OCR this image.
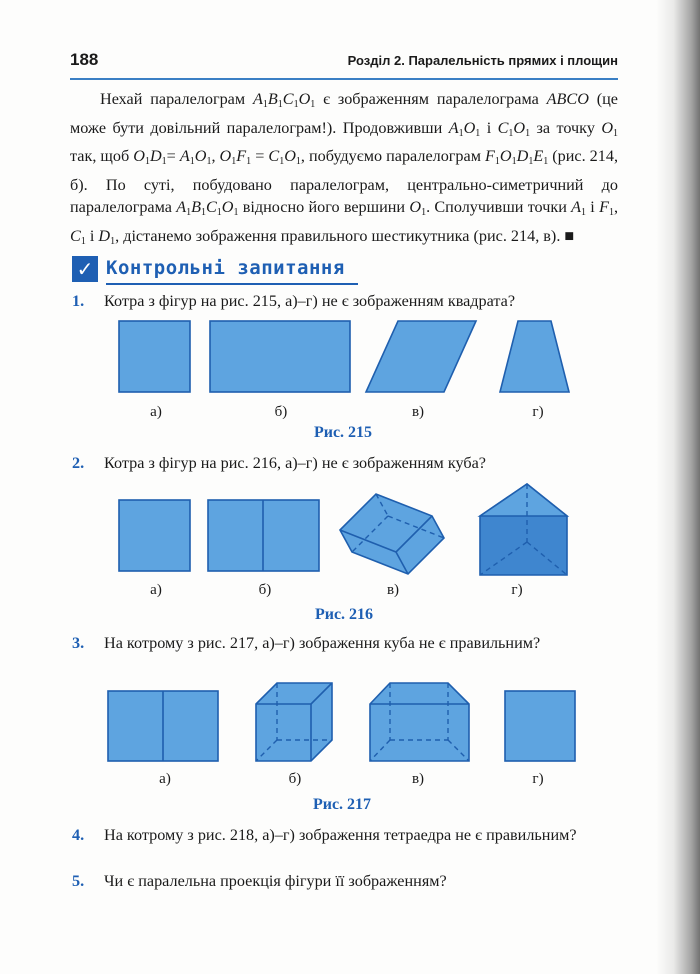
188	Розділ 2. Паралельність прямих і площин
Нехай паралелограм $A_1B_1C_1O_1$ є зображенням паралелограма ABCO (це може бути довільний паралелограм!). Продовживши $A_1O_1$ і $C_1O_1$ за точку $O_1$ так, щоб $O_1D_1= A_1O_1$, $O_1F_1 = C_1O_1$, побудуємо паралелограм $F_1O_1D_1E_1$ (рис. 214, б). По суті, побудовано паралелограм, центрально-симетричний до паралелограма $A_1B_1C_1O_1$ відносно його вершини $O_1$. Сполучивши точки $A_1$ і $F_1$, $C_1$ і $D_1$, дістанемо зображення правильного шестикутника (рис. 214, в). ■
✓ Контрольні запитання
1. Котра з фігур на рис. 215, а)–г) не є зображенням квадрата?
а)	б)	в)	г)
Рис. 215
2. Котра з фігур на рис. 216, а)–г) не є зображенням куба?
а)	б)	в)	г)
Рис. 216
3. На котрому з рис. 217, а)–г) зображення куба не є правильним?
а)	б)	в)	г)
Рис. 217
4. На котрому з рис. 218, а)–г) зображення тетраедра не є правильним?
5. Чи є паралельна проекція фігури її зображенням?
